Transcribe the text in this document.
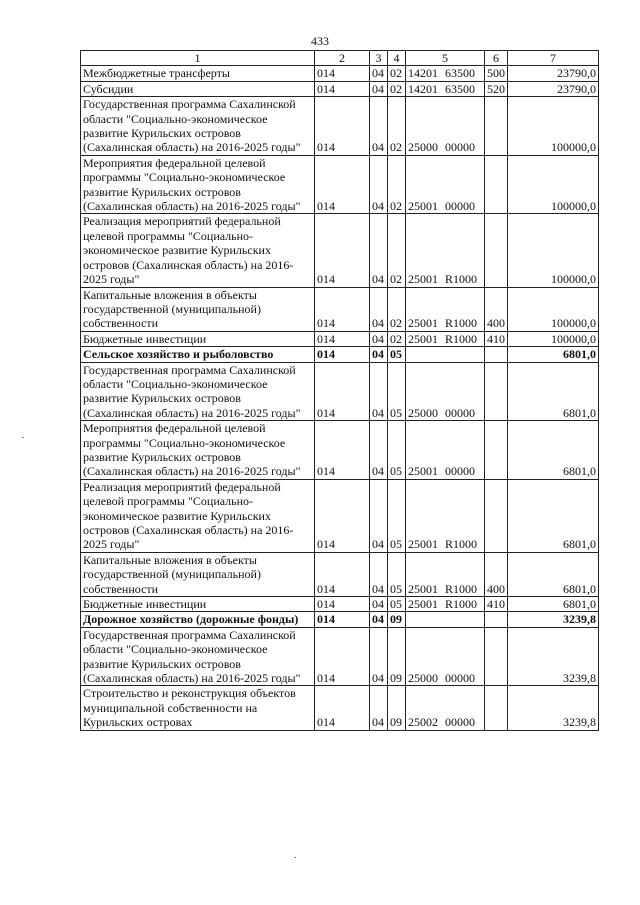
433
1	2	3	4	5	6	7
Межбюджетные трансферты	014	04	02	14201 63500	500	23790,0
Субсидии	014	04	02	14201 63500	520	23790,0
Государственная программа Сахалинской области "Социально-экономическое развитие Курильских островов (Сахалинская область) на 2016-2025 годы"	014	04	02	25000 00000		100000,0
Мероприятия федеральной целевой программы "Социально-экономическое развитие Курильских островов (Сахалинская область) на 2016-2025 годы"	014	04	02	25001 00000		100000,0
Реализация мероприятий федеральной целевой программы "Социально-экономическое развитие Курильских островов (Сахалинская область) на 2016-2025 годы"	014	04	02	25001 R1000		100000,0
Капитальные вложения в объекты государственной (муниципальной) собственности	014	04	02	25001 R1000	400	100000,0
Бюджетные инвестиции	014	04	02	25001 R1000	410	100000,0
Сельское хозяйство и рыболовство	014	04	05			6801,0
Государственная программа Сахалинской области "Социально-экономическое развитие Курильских островов (Сахалинская область) на 2016-2025 годы"	014	04	05	25000 00000		6801,0
Мероприятия федеральной целевой программы "Социально-экономическое развитие Курильских островов (Сахалинская область) на 2016-2025 годы"	014	04	05	25001 00000		6801,0
Реализация мероприятий федеральной целевой программы "Социально-экономическое развитие Курильских островов (Сахалинская область) на 2016-2025 годы"	014	04	05	25001 R1000		6801,0
Капитальные вложения в объекты государственной (муниципальной) собственности	014	04	05	25001 R1000	400	6801,0
Бюджетные инвестиции	014	04	05	25001 R1000	410	6801,0
Дорожное хозяйство (дорожные фонды)	014	04	09			3239,8
Государственная программа Сахалинской области "Социально-экономическое развитие Курильских островов (Сахалинская область) на 2016-2025 годы"	014	04	09	25000 00000		3239,8
Строительство и реконструкция объектов муниципальной собственности на Курильских островах	014	04	09	25002 00000		3239,8
